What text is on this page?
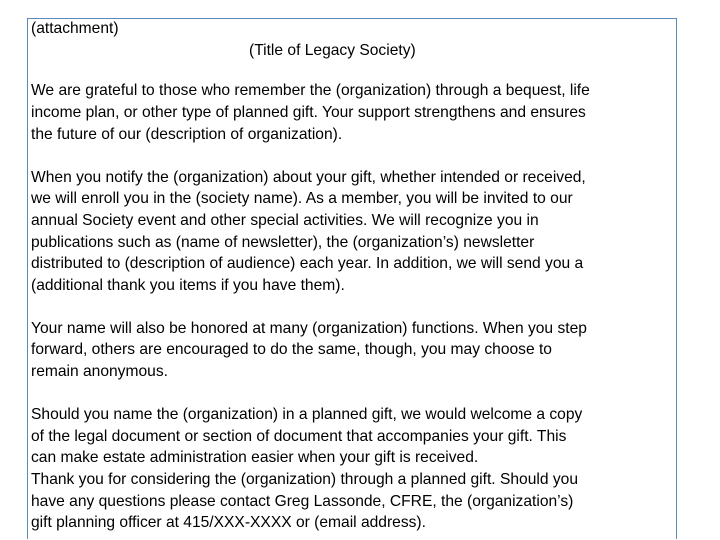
(attachment)

(Title of Legacy Society)

We are grateful to those who remember the (organization) through a bequest, life
income plan, or other type of planned gift. Your support strengthens and ensures
the future of our (description of organization).
When you notify the (organization) about your gift, whether intended or received,
we will enroll you in the (society name). As a member, you will be invited to our
annual Society event and other special activities. We will recognize you in
publications such as (name of newsletter), the (organization’s) newsletter
distributed to (description of audience) each year. In addition, we will send you a
(additional thank you items if you have them).
Your name will also be honored at many (organization) functions. When you step
forward, others are encouraged to do the same, though, you may choose to
remain anonymous.
Should you name the (organization) in a planned gift, we would welcome a copy
of the legal document or section of document that accompanies your gift. This
can make estate administration easier when your gift is received.
Thank you for considering the (organization) through a planned gift. Should you
have any questions please contact Greg Lassonde, CFRE, the (organization’s)
gift planning officer at 415/XXX-XXXX or (email address).
